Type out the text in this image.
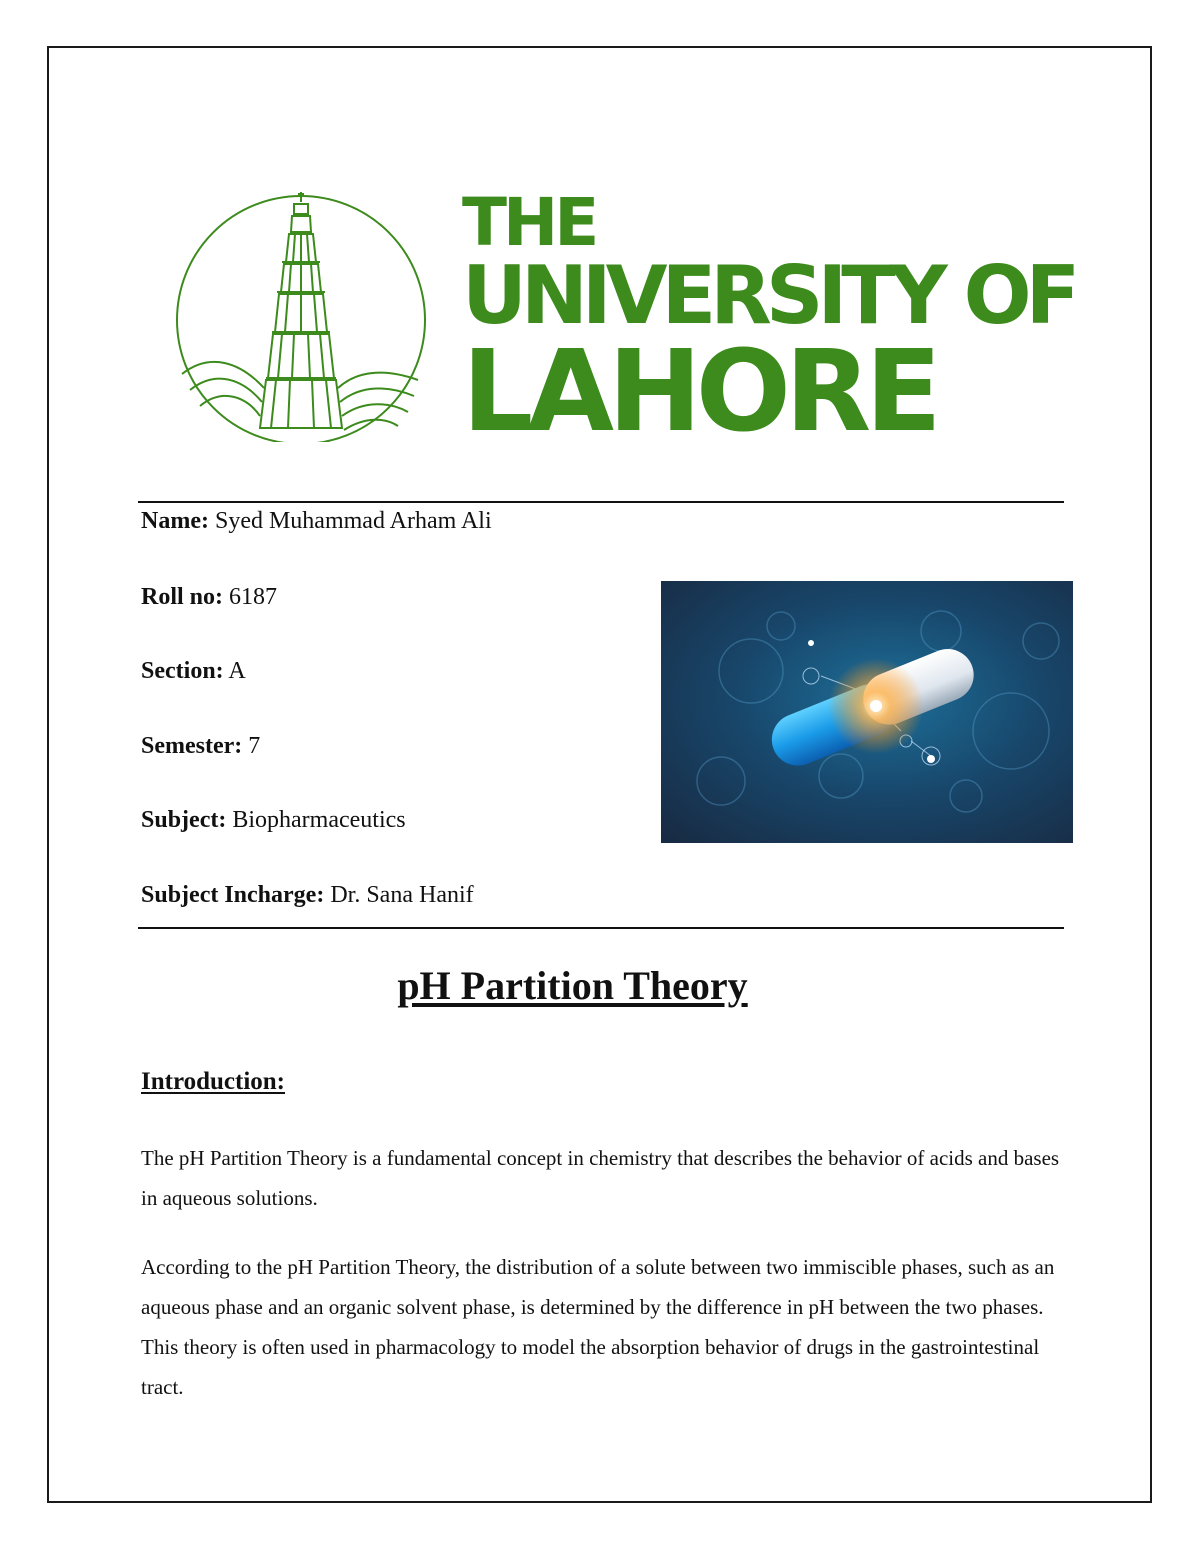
THE
UNIVERSITY OF
LAHORE
Name: Syed Muhammad Arham Ali
Roll no: 6187
Section: A
Semester: 7
Subject: Biopharmaceutics
Subject Incharge: Dr. Sana Hanif
pH Partition Theory
Introduction:
The pH Partition Theory is a fundamental concept in chemistry that describes the behavior of acids and bases in aqueous solutions.
According to the pH Partition Theory, the distribution of a solute between two immiscible phases, such as an aqueous phase and an organic solvent phase, is determined by the difference in pH between the two phases. This theory is often used in pharmacology to model the absorption behavior of drugs in the gastrointestinal tract.
